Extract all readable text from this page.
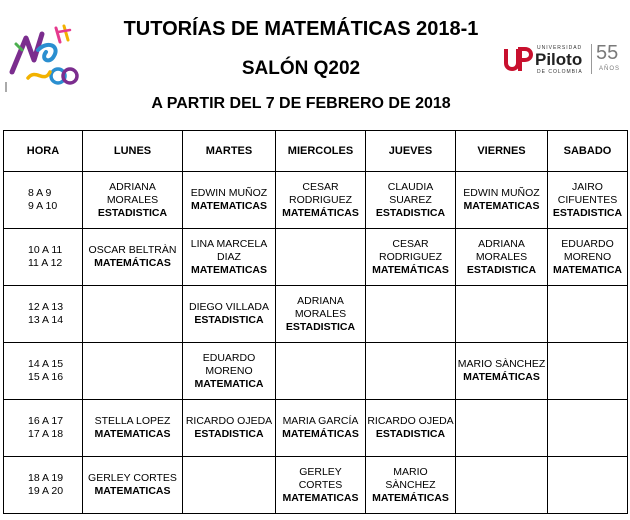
TUTORÍAS DE MATEMÁTICAS 2018-1
SALÓN Q202
A PARTIR DEL 7 DE FEBRERO DE 2018
UNIVERSIDAD
Piloto
DE COLOMBIA
55
AÑOS
HORA	LUNES	MARTES	MIERCOLES	JUEVES	VIERNES	SABADO

8 A 9
9 A 10	ADRIANA MORALES
ESTADISTICA	EDWIN MUÑOZ
MATEMATICAS	CESAR RODRIGUEZ
MATEMÁTICAS	CLAUDIA SUAREZ
ESTADISTICA	EDWIN MUÑOZ
MATEMATICAS	JAIRO CIFUENTES
ESTADISTICA

10 A 11
11 A 12	OSCAR BELTRÀN
MATEMÁTICAS	LINA MARCELA DIAZ
MATEMATICAS		CESAR RODRIGUEZ
MATEMÁTICAS	ADRIANA MORALES
ESTADISTICA	EDUARDO MORENO
MATEMATICA

12 A 13
13 A 14		DIEGO VILLADA
ESTADISTICA	ADRIANA MORALES
ESTADISTICA			

14 A 15
15 A 16		EDUARDO MORENO
MATEMATICA			MARIO SÀNCHEZ
MATEMÁTICAS	

16 A 17
17 A 18	STELLA LOPEZ
MATEMATICAS	RICARDO OJEDA
ESTADISTICA	MARIA GARCÍA
MATEMÁTICAS	RICARDO OJEDA
ESTADISTICA		

18 A 19
19 A 20	GERLEY CORTES
MATEMATICAS		GERLEY CORTES
MATEMATICAS	MARIO SÀNCHEZ
MATEMÁTICAS		
